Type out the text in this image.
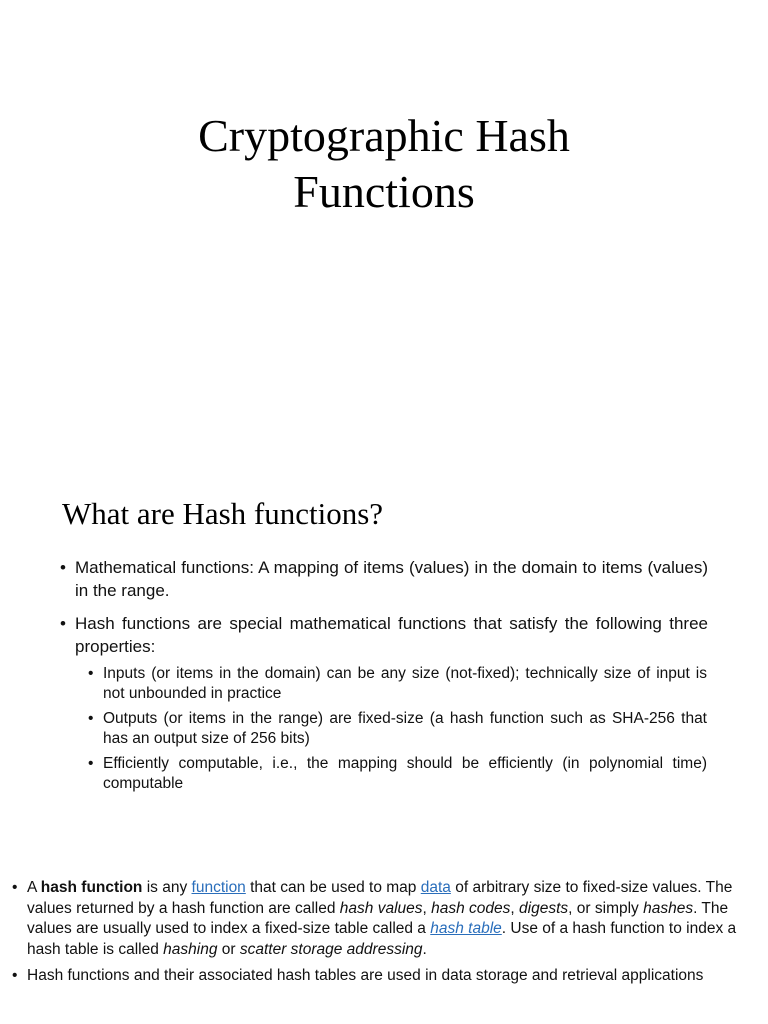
Cryptographic Hash
Functions
What are Hash functions?
• Mathematical functions: A mapping of items (values) in the domain to items (values) in the range.
• Hash functions are special mathematical functions that satisfy the following three properties:
• Inputs (or items in the domain) can be any size (not-fixed); technically size of input is not unbounded in practice
• Outputs (or items in the range) are fixed-size (a hash function such as SHA-256 that has an output size of 256 bits)
• Efficiently computable, i.e., the mapping should be efficiently (in polynomial time) computable
• A hash function is any function that can be used to map data of arbitrary size to fixed-size values. The values returned by a hash function are called hash values, hash codes, digests, or simply hashes. The values are usually used to index a fixed-size table called a hash table. Use of a hash function to index a hash table is called hashing or scatter storage addressing.
• Hash functions and their associated hash tables are used in data storage and retrieval applications
